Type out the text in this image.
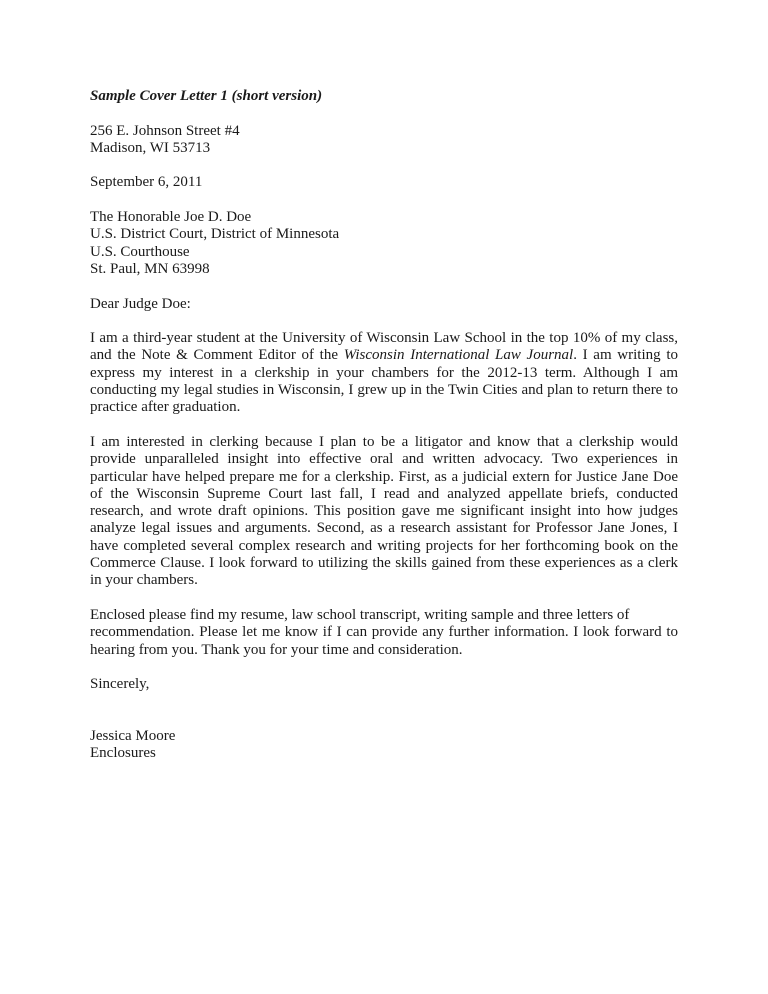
Sample Cover Letter 1 (short version)
256 E. Johnson Street #4
Madison, WI 53713
September 6, 2011
The Honorable Joe D. Doe
U.S. District Court, District of Minnesota
U.S. Courthouse
St. Paul, MN 63998
Dear Judge Doe:
I am a third-year student at the University of Wisconsin Law School in the top 10% of my class, and the Note & Comment Editor of the Wisconsin International Law Journal. I am writing to express my interest in a clerkship in your chambers for the 2012-13 term. Although I am conducting my legal studies in Wisconsin, I grew up in the Twin Cities and plan to return there to practice after graduation.
I am interested in clerking because I plan to be a litigator and know that a clerkship would provide unparalleled insight into effective oral and written advocacy. Two experiences in particular have helped prepare me for a clerkship. First, as a judicial extern for Justice Jane Doe of the Wisconsin Supreme Court last fall, I read and analyzed appellate briefs, conducted research, and wrote draft opinions. This position gave me significant insight into how judges analyze legal issues and arguments. Second, as a research assistant for Professor Jane Jones, I have completed several complex research and writing projects for her forthcoming book on the Commerce Clause. I look forward to utilizing the skills gained from these experiences as a clerk in your chambers.
Enclosed please find my resume, law school transcript, writing sample and three letters of
recommendation. Please let me know if I can provide any further information. I look forward to hearing from you. Thank you for your time and consideration.
Sincerely,
Jessica Moore
Enclosures
